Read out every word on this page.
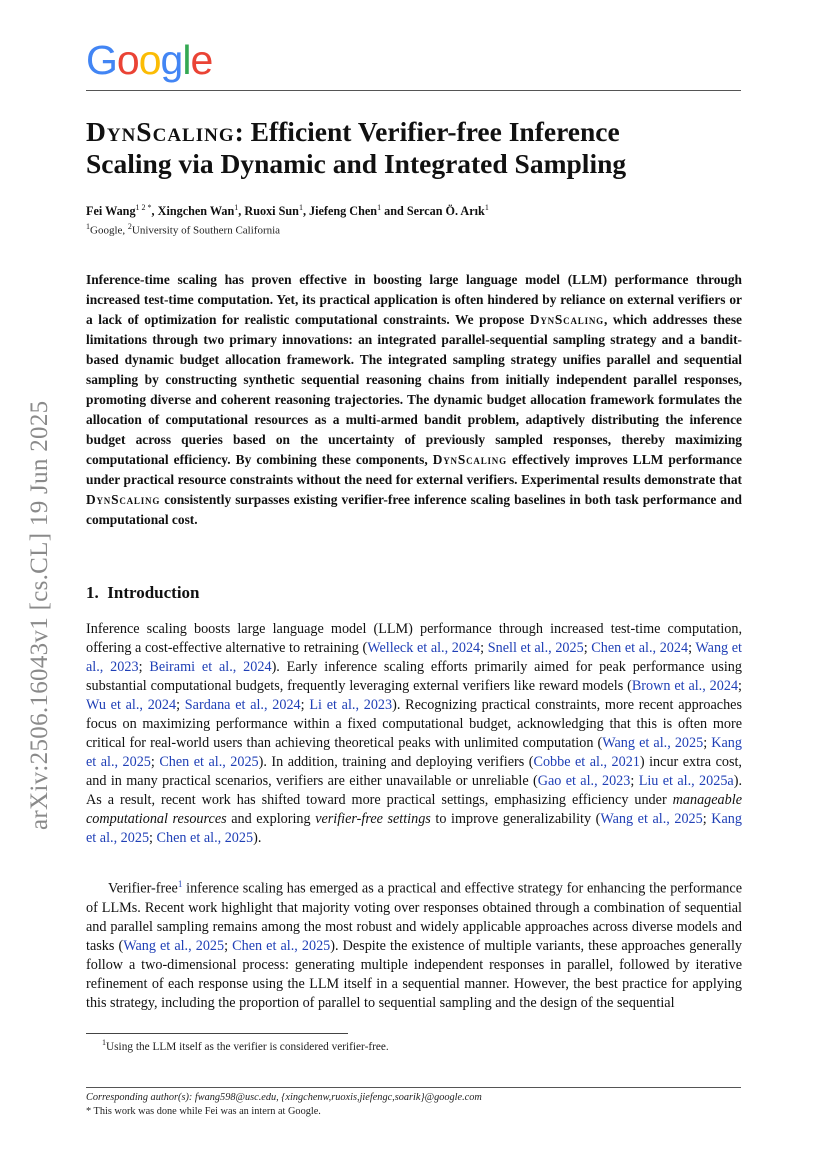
Google
arXiv:2506.16043v1 [cs.CL] 19 Jun 2025
DynScaling: Efficient Verifier-free Inference
Scaling via Dynamic and Integrated Sampling
Fei Wang$^{1 2 *}$, Xingchen Wan$^1$, Ruoxi Sun$^1$, Jiefeng Chen$^1$ and Sercan Ö. Arık$^1$
$^1$Google, $^2$University of Southern California
Inference-time scaling has proven effective in boosting large language model (LLM) performance through increased test-time computation. Yet, its practical application is often hindered by reliance on external verifiers or a lack of optimization for realistic computational constraints. We propose DynScaling, which addresses these limitations through two primary innovations: an integrated parallel-sequential sampling strategy and a bandit-based dynamic budget allocation framework. The integrated sampling strategy unifies parallel and sequential sampling by constructing synthetic sequential reasoning chains from initially independent parallel responses, promoting diverse and coherent reasoning trajectories. The dynamic budget allocation framework formulates the allocation of computational resources as a multi-armed bandit problem, adaptively distributing the inference budget across queries based on the uncertainty of previously sampled responses, thereby maximizing computational efficiency. By combining these components, DynScaling effectively improves LLM performance under practical resource constraints without the need for external verifiers. Experimental results demonstrate that DynScaling consistently surpasses existing verifier-free inference scaling baselines in both task performance and computational cost.
1. Introduction
Inference scaling boosts large language model (LLM) performance through increased test-time computation, offering a cost-effective alternative to retraining (Welleck et al., 2024; Snell et al., 2025; Chen et al., 2024; Wang et al., 2023; Beirami et al., 2024). Early inference scaling efforts primarily aimed for peak performance using substantial computational budgets, frequently leveraging external verifiers like reward models (Brown et al., 2024; Wu et al., 2024; Sardana et al., 2024; Li et al., 2023). Recognizing practical constraints, more recent approaches focus on maximizing performance within a fixed computational budget, acknowledging that this is often more critical for real-world users than achieving theoretical peaks with unlimited computation (Wang et al., 2025; Kang et al., 2025; Chen et al., 2025). In addition, training and deploying verifiers (Cobbe et al., 2021) incur extra cost, and in many practical scenarios, verifiers are either unavailable or unreliable (Gao et al., 2023; Liu et al., 2025a). As a result, recent work has shifted toward more practical settings, emphasizing efficiency under manageable computational resources and exploring verifier-free settings to improve generalizability (Wang et al., 2025; Kang et al., 2025; Chen et al., 2025).
Verifier-free$^1$ inference scaling has emerged as a practical and effective strategy for enhancing the performance of LLMs. Recent work highlight that majority voting over responses obtained through a combination of sequential and parallel sampling remains among the most robust and widely applicable approaches across diverse models and tasks (Wang et al., 2025; Chen et al., 2025). Despite the existence of multiple variants, these approaches generally follow a two-dimensional process: generating multiple independent responses in parallel, followed by iterative refinement of each response using the LLM itself in a sequential manner. However, the best practice for applying this strategy, including the proportion of parallel to sequential sampling and the design of the sequential
$^1$Using the LLM itself as the verifier is considered verifier-free.
Corresponding author(s): fwang598@usc.edu, {xingchenw,ruoxis,jiefengc,soarik}@google.com
* This work was done while Fei was an intern at Google.
